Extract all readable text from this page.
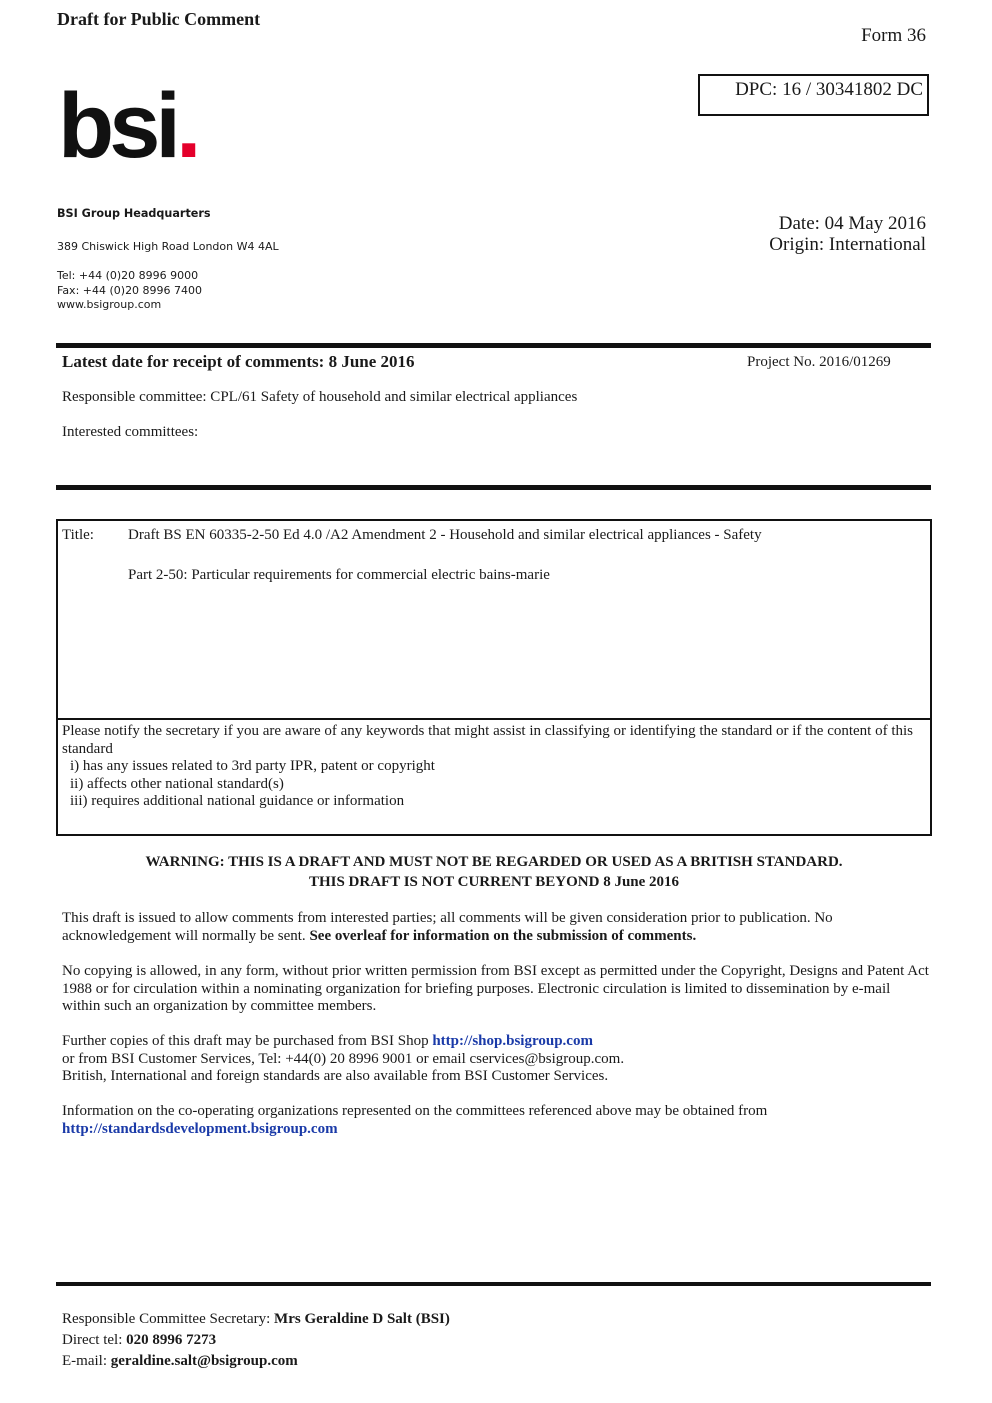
Draft for Public Comment
Form 36
DPC: 16 / 30341802 DC
bsi.
BSI Group Headquarters
389 Chiswick High Road London W4 4AL
Tel: +44 (0)20 8996 9000
Fax: +44 (0)20 8996 7400
www.bsigroup.com
Date: 04 May 2016
Origin: International
Latest date for receipt of comments: 8 June 2016	Project No. 2016/01269
Responsible committee: CPL/61 Safety of household and similar electrical appliances
Interested committees:
Title: Draft BS EN 60335-2-50 Ed 4.0 /A2 Amendment 2 - Household and similar electrical appliances - Safety
Part 2-50: Particular requirements for commercial electric bains-marie
Please notify the secretary if you are aware of any keywords that might assist in classifying or identifying the standard or if the content of this standard
i) has any issues related to 3rd party IPR, patent or copyright
ii) affects other national standard(s)
iii) requires additional national guidance or information
WARNING: THIS IS A DRAFT AND MUST NOT BE REGARDED OR USED AS A BRITISH STANDARD.
THIS DRAFT IS NOT CURRENT BEYOND 8 June 2016
This draft is issued to allow comments from interested parties; all comments will be given consideration prior to publication. No acknowledgement will normally be sent. See overleaf for information on the submission of comments.
No copying is allowed, in any form, without prior written permission from BSI except as permitted under the Copyright, Designs and Patent Act 1988 or for circulation within a nominating organization for briefing purposes. Electronic circulation is limited to dissemination by e-mail within such an organization by committee members.
Further copies of this draft may be purchased from BSI Shop http://shop.bsigroup.com
or from BSI Customer Services, Tel: +44(0) 20 8996 9001 or email cservices@bsigroup.com.
British, International and foreign standards are also available from BSI Customer Services.
Information on the co-operating organizations represented on the committees referenced above may be obtained from
http://standardsdevelopment.bsigroup.com
Responsible Committee Secretary: Mrs Geraldine D Salt (BSI)
Direct tel: 020 8996 7273
E-mail: geraldine.salt@bsigroup.com
